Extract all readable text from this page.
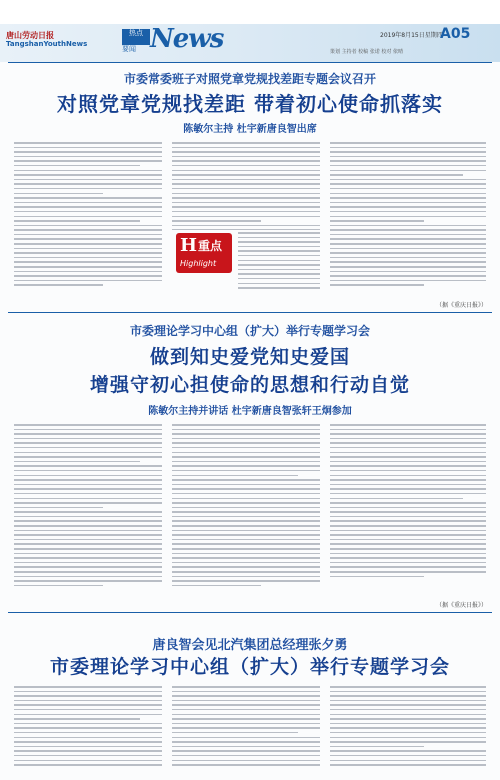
唐山劳动日报
TangshanYouthNews
热点
要闻 News	2019年8月15日星期四
A05
策划 主持者 校稿 张诺 校对 依晴
市委常委班子对照党章党规找差距专题会议召开
对照党章党规找差距 带着初心使命抓落实
陈敏尔主持 杜宇新唐良智出席
H 重点
Highlight
（据《重庆日报》）
市委理论学习中心组（扩大）举行专题学习会
做到知史爱党知史爱国
增强守初心担使命的思想和行动自觉
陈敏尔主持并讲话 杜宇新唐良智张轩王炯参加
（据《重庆日报》）
唐良智会见北汽集团总经理张夕勇
市委理论学习中心组（扩大）举行专题学习会
